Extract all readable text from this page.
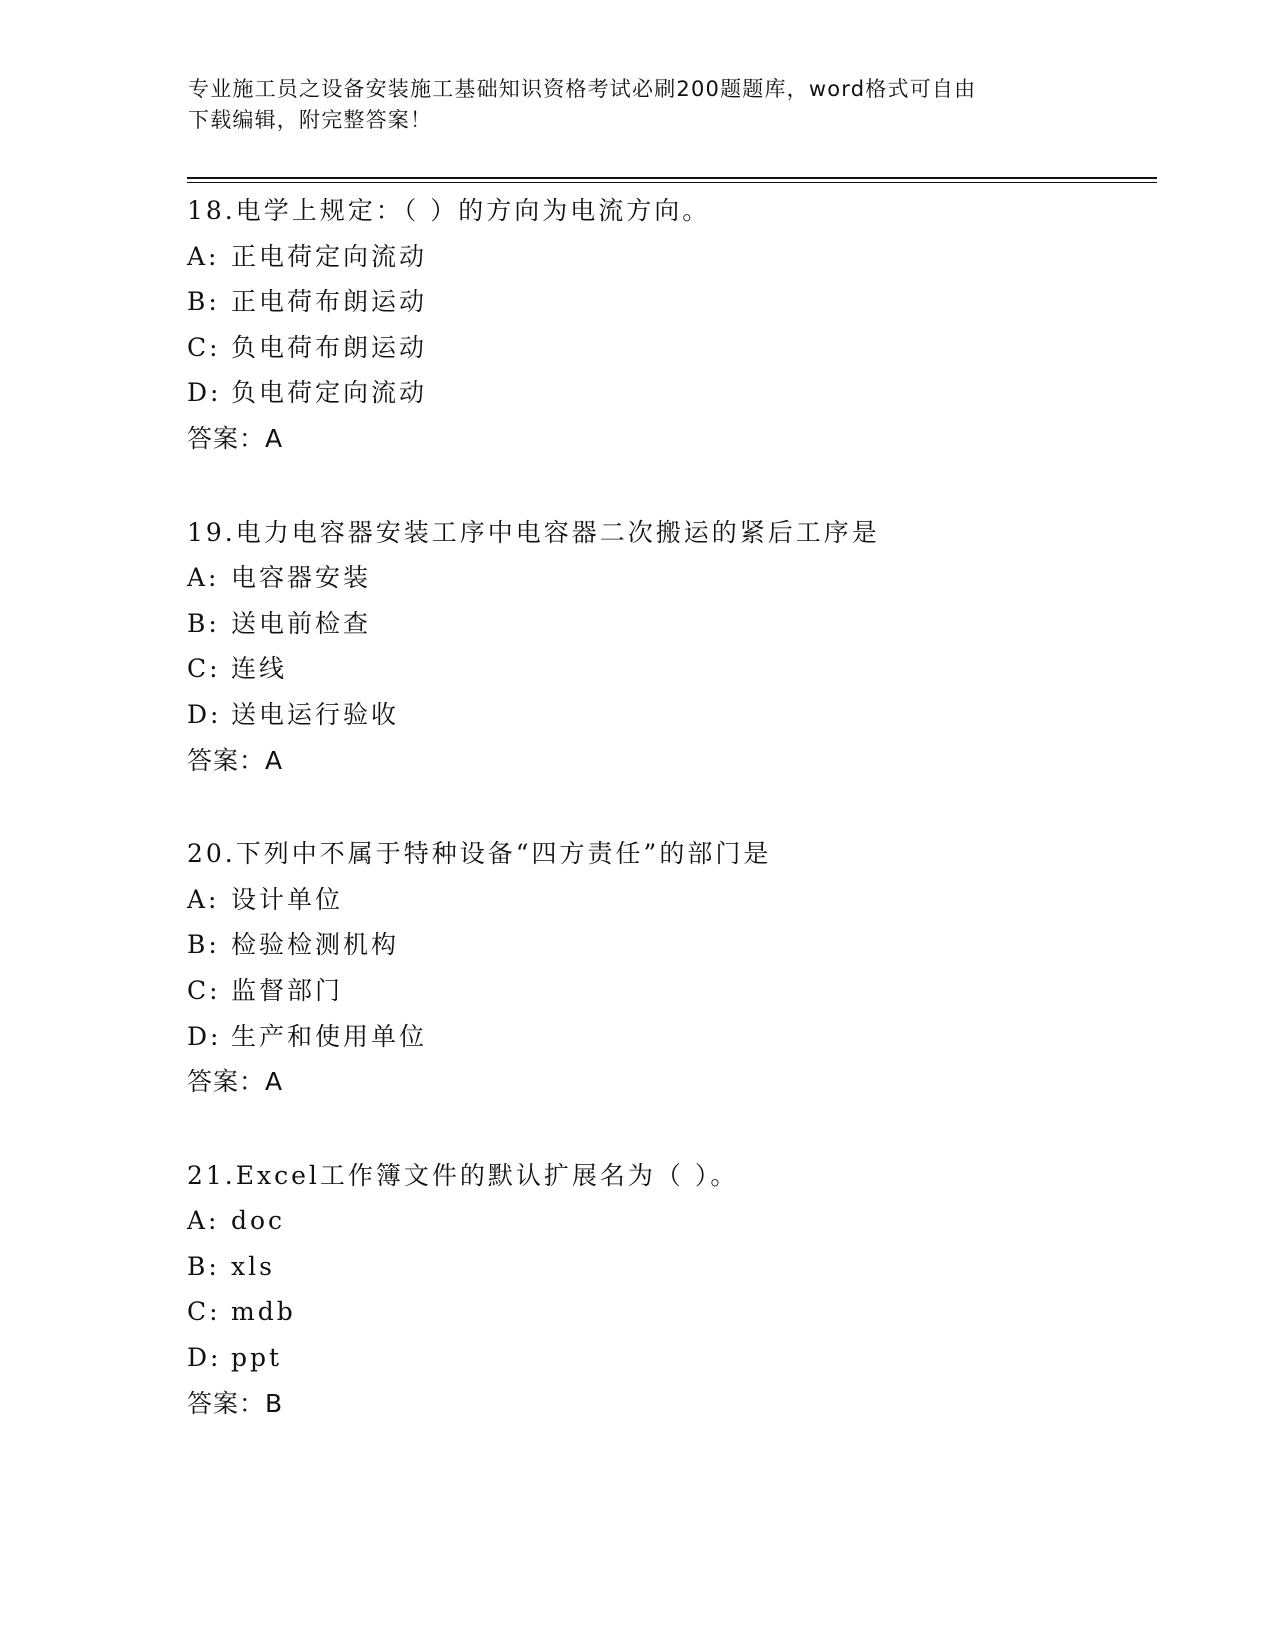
专业施工员之设备安装施工基础知识资格考试必刷200题题库，word格式可自由
下载编辑，附完整答案！
18.电学上规定：（ ）的方向为电流方向。
A: 正电荷定向流动
B: 正电荷布朗运动
C: 负电荷布朗运动
D: 负电荷定向流动
答案：A
19.电力电容器安装工序中电容器二次搬运的紧后工序是
A: 电容器安装
B: 送电前检查
C: 连线
D: 送电运行验收
答案：A
20.下列中不属于特种设备“四方责任”的部门是
A: 设计单位
B: 检验检测机构
C: 监督部门
D: 生产和使用单位
答案：A
21.Excel工作簿文件的默认扩展名为（ ）。
A: doc
B: xls
C: mdb
D: ppt
答案：B
